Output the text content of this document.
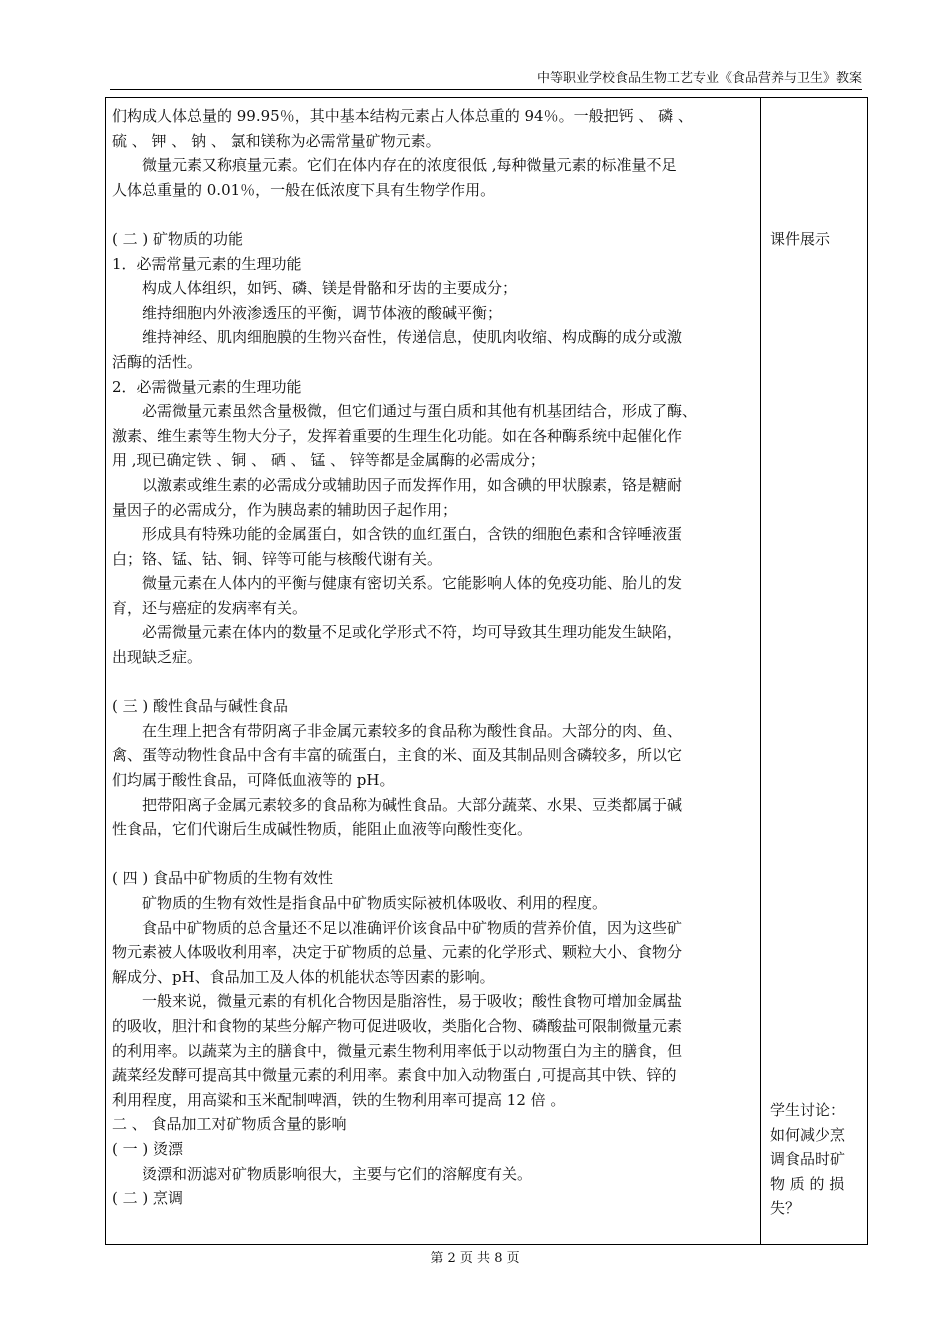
中等职业学校食品生物工艺专业《食品营养与卫生》教案

们构成人体总量的 99.95％，其中基本结构元素占人体总重的 94％。一般把钙 、 磷 、

硫 、 钾 、 钠 、 氯和镁称为必需常量矿物元素。

微量元素又称痕量元素。它们在体内存在的浓度很低 ,每种微量元素的标准量不足

人体总重量的 0.01％，一般在低浓度下具有生物学作用。

( 二 ) 矿物质的功能

1．必需常量元素的生理功能

构成人体组织，如钙、磷、镁是骨骼和牙齿的主要成分；

维持细胞内外液渗透压的平衡，调节体液的酸碱平衡；

维持神经、肌肉细胞膜的生物兴奋性，传递信息，使肌肉收缩、构成酶的成分或激

活酶的活性。

2．必需微量元素的生理功能

必需微量元素虽然含量极微，但它们通过与蛋白质和其他有机基团结合，形成了酶、

激素、维生素等生物大分子，发挥着重要的生理生化功能。如在各种酶系统中起催化作

用 ,现已确定铁 、铜 、 硒 、 锰 、 锌等都是金属酶的必需成分；

以激素或维生素的必需成分或辅助因子而发挥作用，如含碘的甲状腺素，铬是糖耐

量因子的必需成分，作为胰岛素的辅助因子起作用；

形成具有特殊功能的金属蛋白，如含铁的血红蛋白，含铁的细胞色素和含锌唾液蛋

白；铬、锰、钴、铜、锌等可能与核酸代谢有关。

微量元素在人体内的平衡与健康有密切关系。它能影响人体的免疫功能、胎儿的发

育，还与癌症的发病率有关。

必需微量元素在体内的数量不足或化学形式不符，均可导致其生理功能发生缺陷，

出现缺乏症。

( 三 ) 酸性食品与碱性食品

在生理上把含有带阴离子非金属元素较多的食品称为酸性食品。大部分的肉、鱼、

禽、蛋等动物性食品中含有丰富的硫蛋白，主食的米、面及其制品则含磷较多，所以它

们均属于酸性食品，可降低血液等的 pH。

把带阳离子金属元素较多的食品称为碱性食品。大部分蔬菜、水果、豆类都属于碱

性食品，它们代谢后生成碱性物质，能阻止血液等向酸性变化。

( 四 ) 食品中矿物质的生物有效性

矿物质的生物有效性是指食品中矿物质实际被机体吸收、利用的程度。

食品中矿物质的总含量还不足以准确评价该食品中矿物质的营养价值，因为这些矿

物元素被人体吸收利用率，决定于矿物质的总量、元素的化学形式、颗粒大小、食物分

解成分、pH、食品加工及人体的机能状态等因素的影响。

一般来说，微量元素的有机化合物因是脂溶性，易于吸收；酸性食物可增加金属盐

的吸收，胆汁和食物的某些分解产物可促进吸收，类脂化合物、磷酸盐可限制微量元素

的利用率。以蔬菜为主的膳食中，微量元素生物利用率低于以动物蛋白为主的膳食，但

蔬菜经发酵可提高其中微量元素的利用率。素食中加入动物蛋白 ,可提高其中铁、锌的

利用程度，用高粱和玉米配制啤酒，铁的生物利用率可提高 12 倍 。

二 、 食品加工对矿物质含量的影响

( 一 ) 烫漂

烫漂和沥滤对矿物质影响很大，主要与它们的溶解度有关。

( 二 ) 烹调

课件展示

学生讨论：

如何减少烹

调食品时矿

物 质 的 损

失？

第 2 页 共 8 页
